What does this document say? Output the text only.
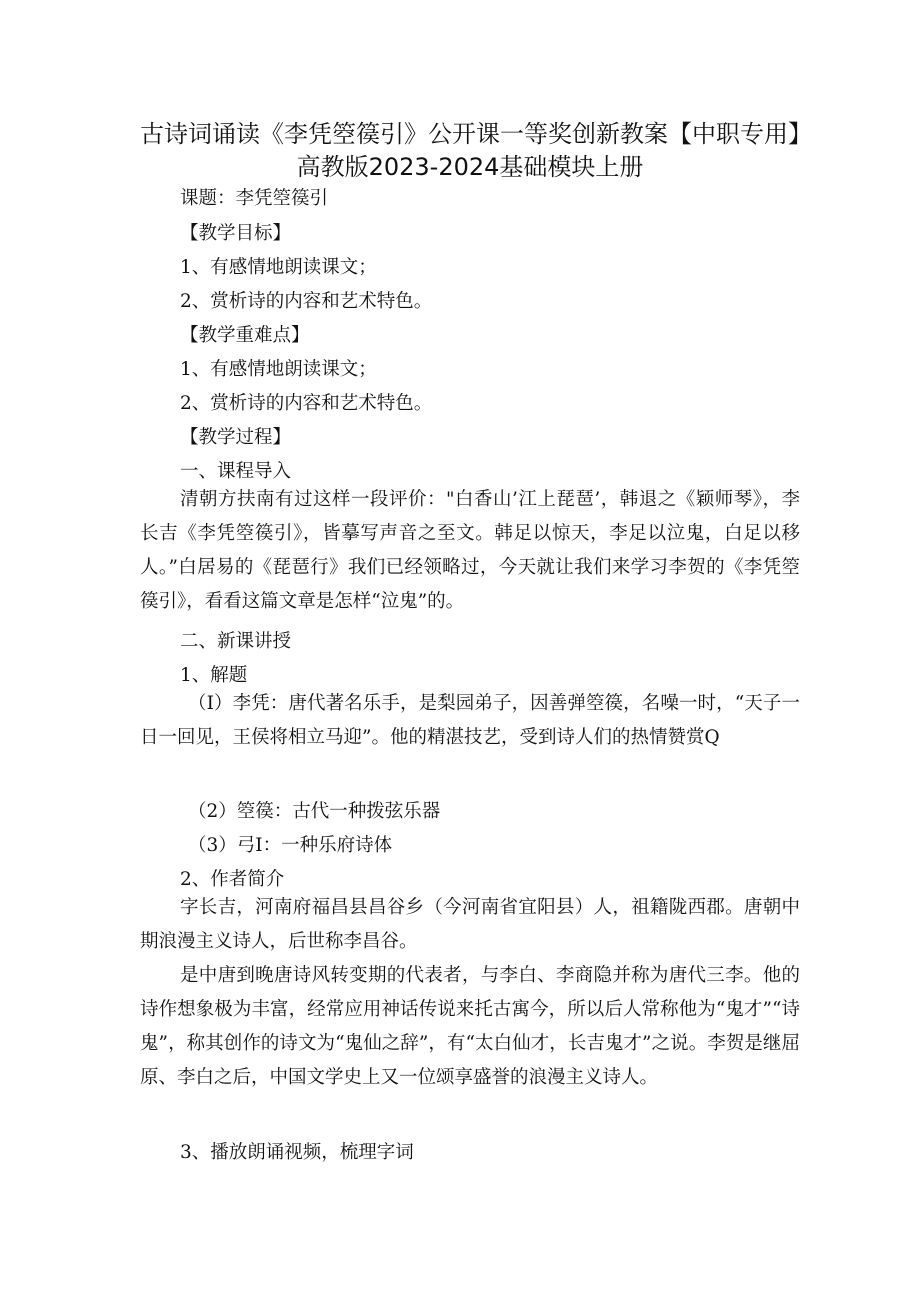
古诗词诵读《李凭箜篌引》公开课一等奖创新教案【中职专用】高教版2023-2024基础模块上册

课题：李凭箜篌引

【教学目标】

1、有感情地朗读课文；

2、赏析诗的内容和艺术特色。

【教学重难点】

1、有感情地朗读课文；

2、赏析诗的内容和艺术特色。

【教学过程】

一、课程导入

清朝方扶南有过这样一段评价："白香山’江上琵琶’，韩退之《颖师琴》，李长吉《李凭箜篌引》，皆摹写声音之至文。韩足以惊天，李足以泣鬼，白足以移人。”白居易的《琵琶行》我们已经领略过，今天就让我们来学习李贺的《李凭箜篌引》，看看这篇文章是怎样“泣鬼”的。

二、新课讲授

1、解题

（I）李凭：唐代著名乐手，是梨园弟子，因善弹箜篌，名噪一时，“天子一日一回见，王侯将相立马迎”。他的精湛技艺，受到诗人们的热情赞赏Q

（2）箜篌：古代一种拨弦乐器

（3）弓I：一种乐府诗体

2、作者简介

字长吉，河南府福昌县昌谷乡（今河南省宜阳县）人，祖籍陇西郡。唐朝中期浪漫主义诗人，后世称李昌谷。

是中唐到晚唐诗风转变期的代表者，与李白、李商隐并称为唐代三李。他的诗作想象极为丰富，经常应用神话传说来托古寓今，所以后人常称他为“鬼才”“诗鬼”，称其创作的诗文为“鬼仙之辞”，有“太白仙才，长吉鬼才”之说。李贺是继屈原、李白之后，中国文学史上又一位颂享盛誉的浪漫主义诗人。

3、播放朗诵视频，梳理字词
